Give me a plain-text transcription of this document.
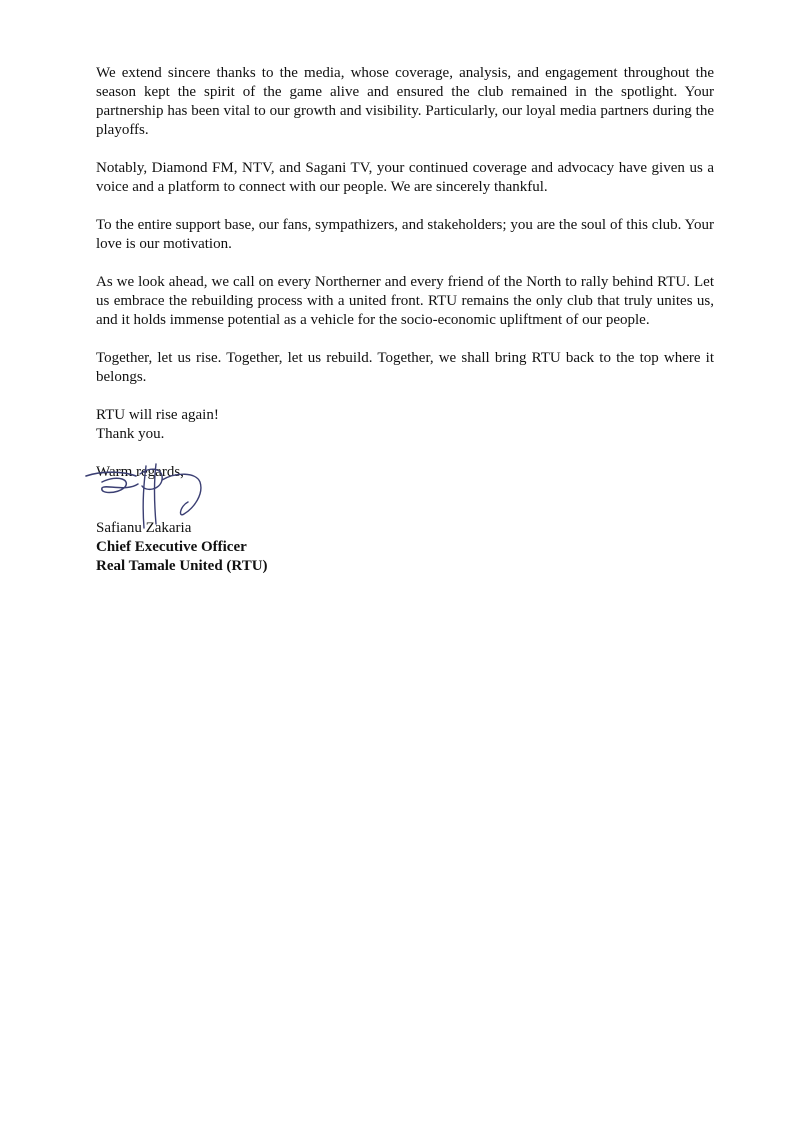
We extend sincere thanks to the media, whose coverage, analysis, and engagement throughout the season kept the spirit of the game alive and ensured the club remained in the spotlight. Your partnership has been vital to our growth and visibility. Particularly, our loyal media partners during the playoffs.

Notably, Diamond FM, NTV, and Sagani TV, your continued coverage and advocacy have given us a voice and a platform to connect with our people. We are sincerely thankful.

To the entire support base, our fans, sympathizers, and stakeholders; you are the soul of this club. Your love is our motivation.

As we look ahead, we call on every Northerner and every friend of the North to rally behind RTU. Let us embrace the rebuilding process with a united front. RTU remains the only club that truly unites us, and it holds immense potential as a vehicle for the socio-economic upliftment of our people.

Together, let us rise. Together, let us rebuild. Together, we shall bring RTU back to the top where it belongs.

RTU will rise again!
Thank you.
Warm regards,
Safianu Zakaria
Chief Executive Officer
Real Tamale United (RTU)
